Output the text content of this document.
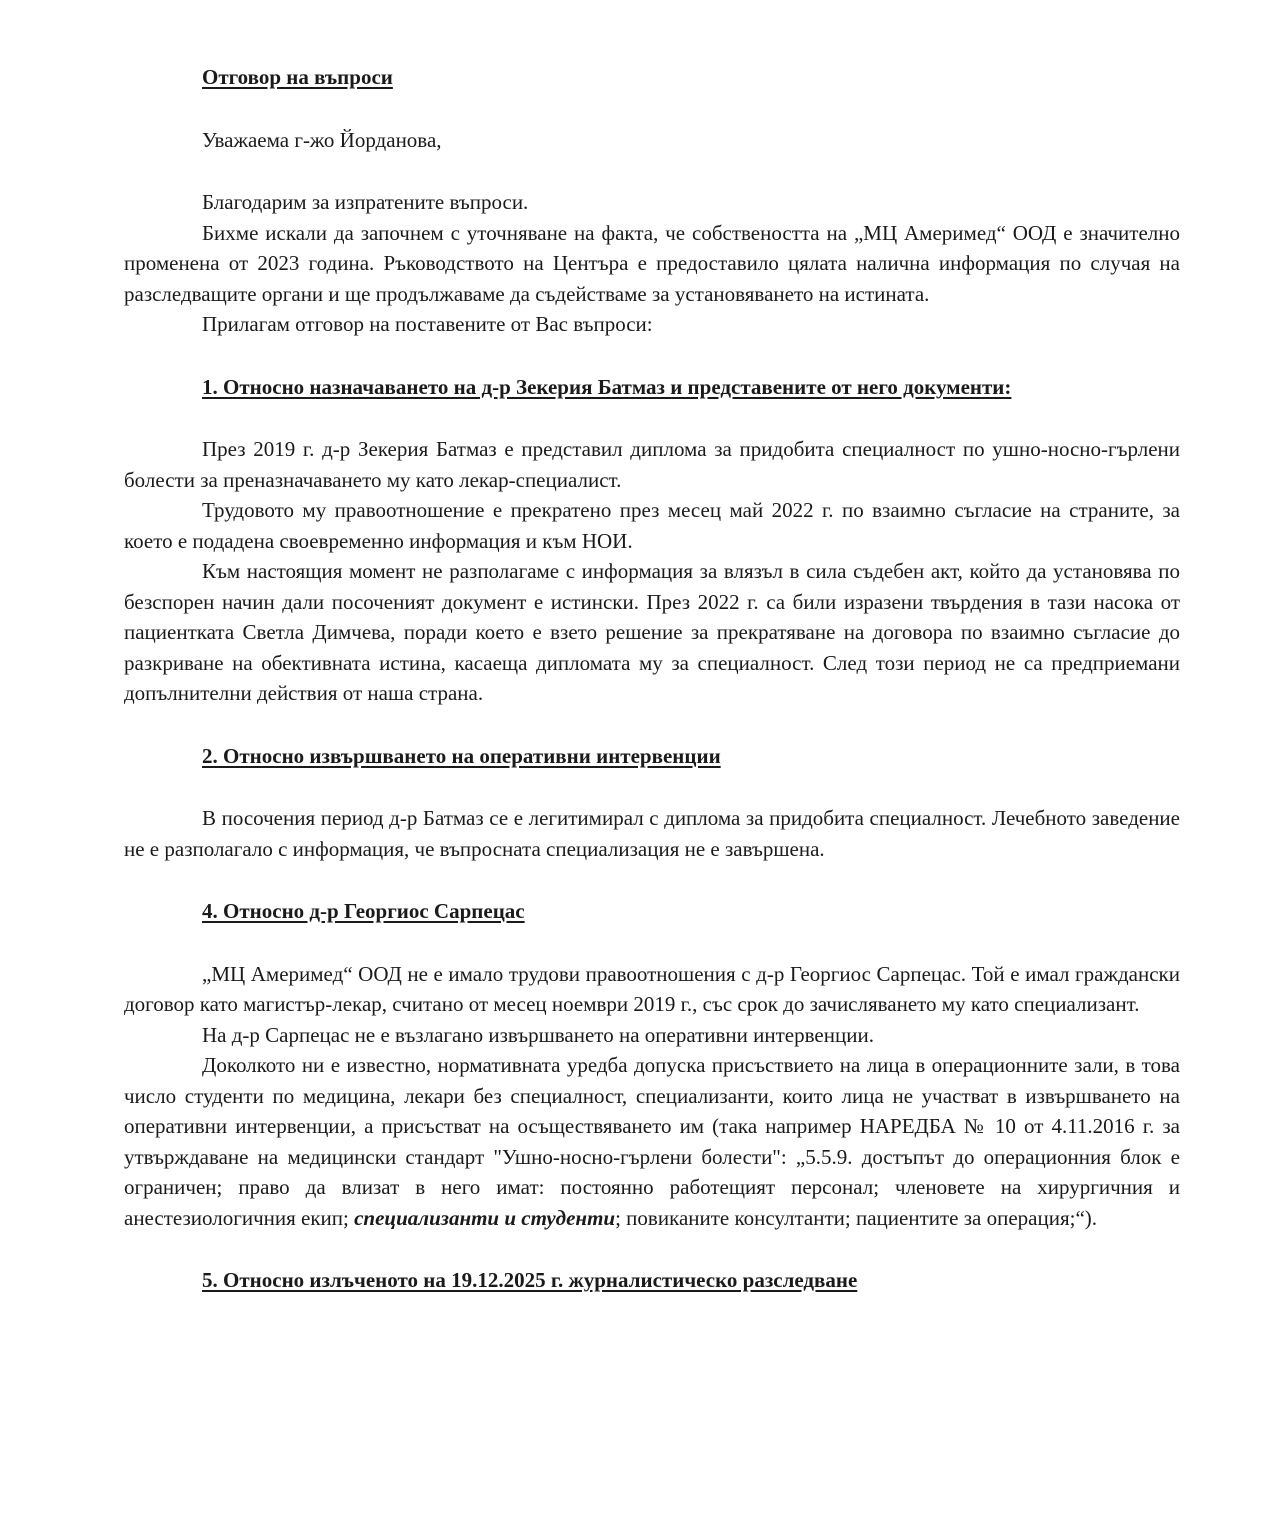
Отговор на въпроси

Уважаема г-жо Йорданова,

Благодарим за изпратените въпроси.

Бихме искали да започнем с уточняване на факта, че собствеността на „МЦ Америмед“ ООД е значително променена от 2023 година. Ръководството на Центъра е предоставило цялата налична информация по случая на разследващите органи и ще продължаваме да съдействаме за установяването на истината.

Прилагам отговор на поставените от Вас въпроси:

1. Относно назначаването на д-р Зекерия Батмаз и представените от него документи:

През 2019 г. д-р Зекерия Батмаз е представил диплома за придобита специалност по ушно-носно-гърлени болести за преназначаването му като лекар-специалист.

Трудовото му правоотношение е прекратено през месец май 2022 г. по взаимно съгласие на страните, за което е подадена своевременно информация и към НОИ.

Към настоящия момент не разполагаме с информация за влязъл в сила съдебен акт, който да установява по безспорен начин дали посоченият документ е истински. През 2022 г. са били изразени твърдения в тази насока от пациентката Светла Димчева, поради което е взето решение за прекратяване на договора по взаимно съгласие до разкриване на обективната истина, касаеща дипломата му за специалност. След този период не са предприемани допълнителни действия от наша страна.

2. Относно извършването на оперативни интервенции

В посочения период д-р Батмаз се е легитимирал с диплома за придобита специалност. Лечебното заведение не е разполагало с информация, че въпросната специализация не е завършена.

4. Относно д-р Георгиос Сарпецас

„МЦ Америмед“ ООД не е имало трудови правоотношения с д-р Георгиос Сарпецас. Той е имал граждански договор като магистър-лекар, считано от месец ноември 2019 г., със срок до зачисляването му като специализант.

На д-р Сарпецас не е възлагано извършването на оперативни интервенции.

Доколкото ни е известно, нормативната уредба допуска присъствието на лица в операционните зали, в това число студенти по медицина, лекари без специалност, специализанти, които лица не участват в извършването на оперативни интервенции, а присъстват на осъществяването им (така например НАРЕДБА № 10 от 4.11.2016 г. за утвърждаване на медицински стандарт "Ушно-носно-гърлени болести": „5.5.9. достъпът до операционния блок е ограничен; право да влизат в него имат: постоянно работещият персонал; членовете на хирургичния и анестезиологичния екип; специализанти и студенти; повиканите консултанти; пациентите за операция;“).

5. Относно излъченото на 19.12.2025 г. журналистическо разследване
